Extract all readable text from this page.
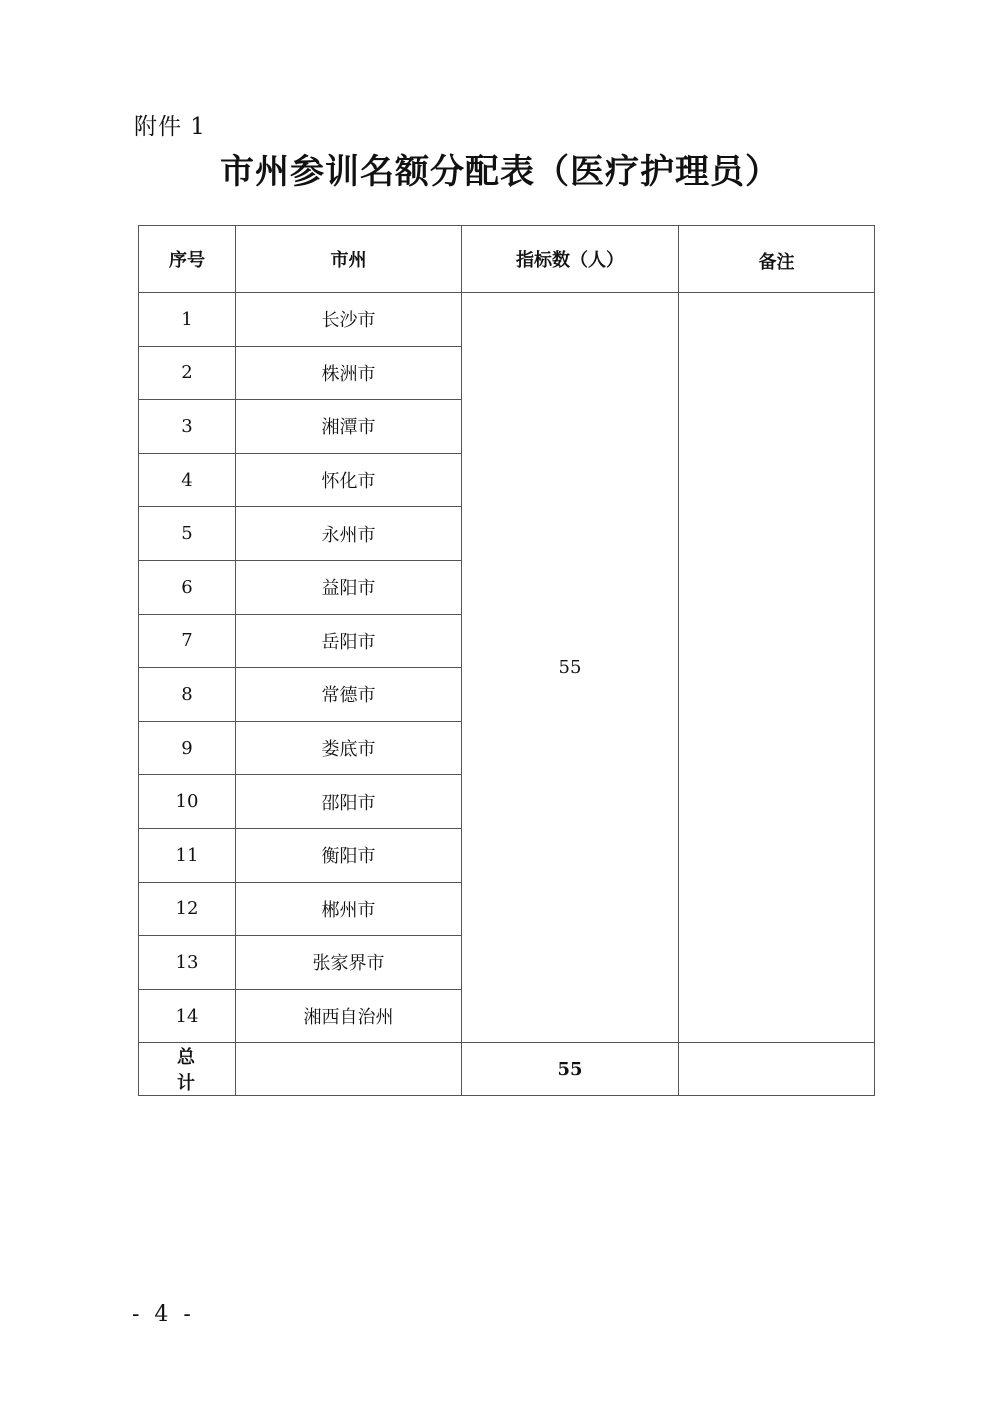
附件 1
市州参训名额分配表（医疗护理员）
序号	市州	指标数（人）	备注
1	长沙市	55	
2	株洲市		
3	湘潭市		
4	怀化市		
5	永州市		
6	益阳市		
7	岳阳市		
8	常德市		
9	娄底市		
10	邵阳市		
11	衡阳市		
12	郴州市		
13	张家界市		
14	湘西自治州		
总 计		55	
- 4 -
